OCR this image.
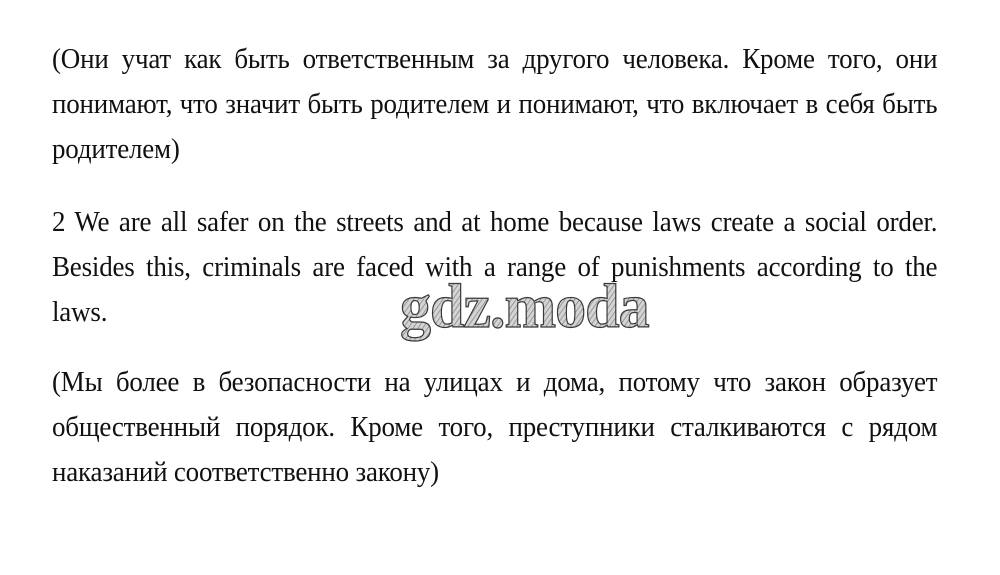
(Они учат как быть ответственным за другого человека. Кроме того, они понимают, что значит быть родителем и понимают, что включает в себя быть родителем)

2 We are all safer on the streets and at home because laws create a social order. Besides this, criminals are faced with a range of punishments according to the laws.

(Мы более в безопасности на улицах и дома, потому что закон образует общественный порядок. Кроме того, преступники сталкиваются с рядом наказаний соответственно закону)

gdz.moda
